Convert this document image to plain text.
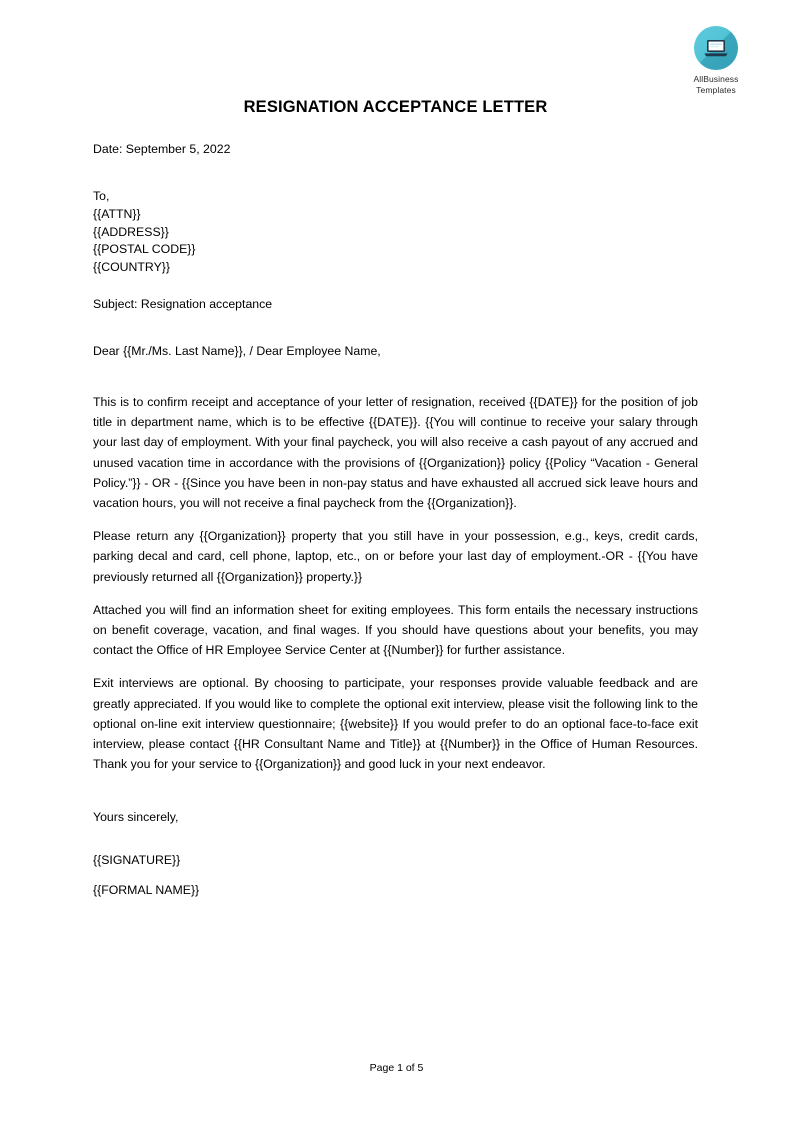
AllBusiness
Templates
RESIGNATION ACCEPTANCE LETTER

Date: September 5, 2022

To,
{{ATTN}}
{{ADDRESS}}
{{POSTAL CODE}}
{{COUNTRY}}

Subject: Resignation acceptance

Dear {{Mr./Ms. Last Name}}, / Dear Employee Name,

This is to confirm receipt and acceptance of your letter of resignation, received {{DATE}} for the position of job title in department name, which is to be effective {{DATE}}. {{You will continue to receive your salary through your last day of employment. With your final paycheck, you will also receive a cash payout of any accrued and unused vacation time in accordance with the provisions of {{Organization}} policy {{Policy “Vacation - General Policy.”}} - OR - {{Since you have been in non-pay status and have exhausted all accrued sick leave hours and vacation hours, you will not receive a final paycheck from the {{Organization}}.

Please return any {{Organization}} property that you still have in your possession, e.g., keys, credit cards, parking decal and card, cell phone, laptop, etc., on or before your last day of employment.-OR - {{You have previously returned all {{Organization}} property.}}

Attached you will find an information sheet for exiting employees. This form entails the necessary instructions on benefit coverage, vacation, and final wages. If you should have questions about your benefits, you may contact the Office of HR Employee Service Center at {{Number}} for further assistance.

Exit interviews are optional. By choosing to participate, your responses provide valuable feedback and are greatly appreciated. If you would like to complete the optional exit interview, please visit the following link to the optional on-line exit interview questionnaire; {{website}} If you would prefer to do an optional face-to-face exit interview, please contact {{HR Consultant Name and Title}} at {{Number}} in the Office of Human Resources. Thank you for your service to {{Organization}} and good luck in your next endeavor.

Yours sincerely,

{{SIGNATURE}}

{{FORMAL NAME}}

Page 1 of 5
